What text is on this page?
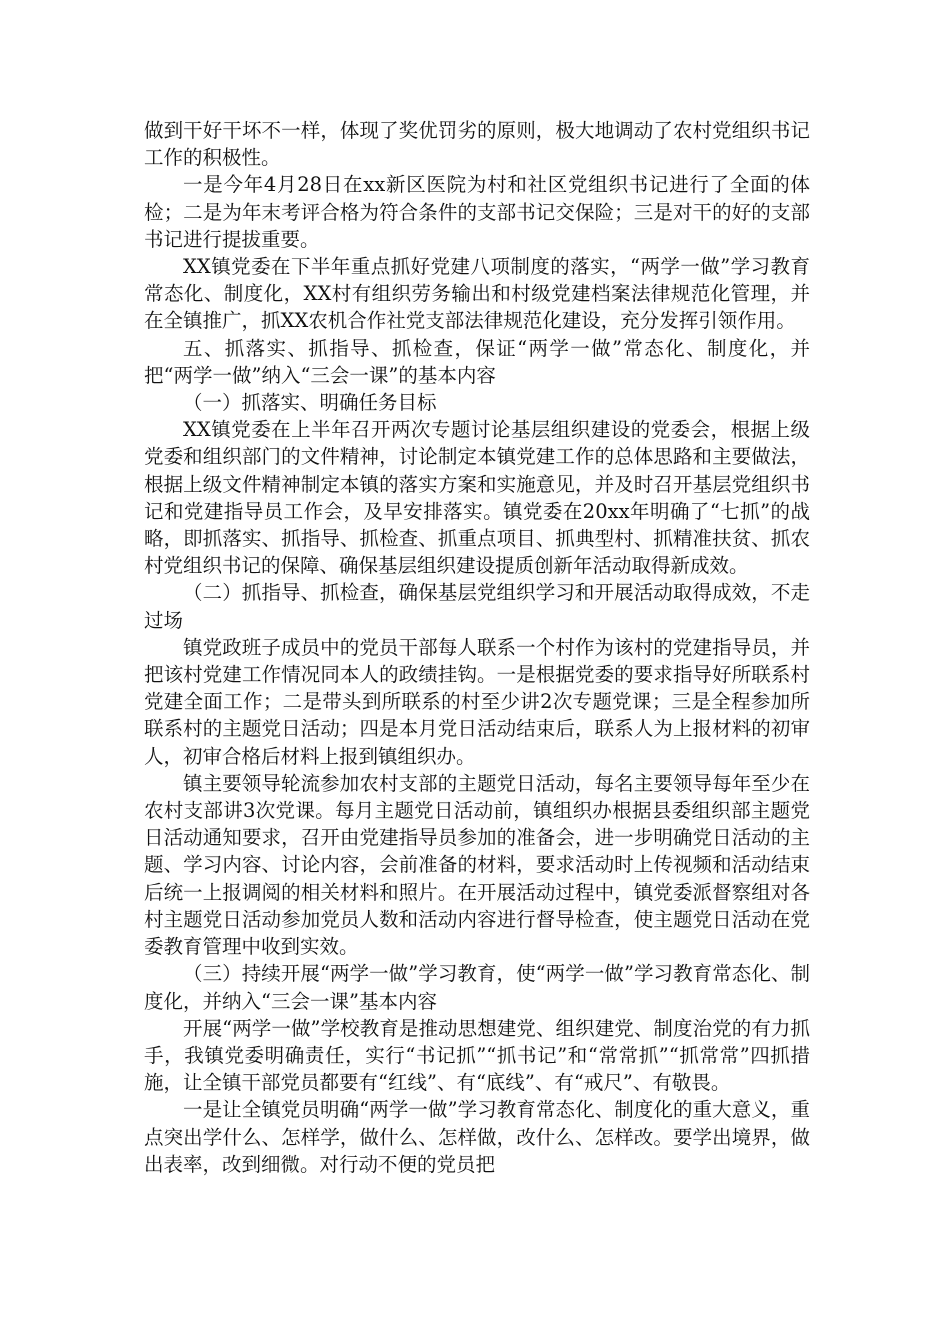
做到干好干坏不一样，体现了奖优罚劣的原则，极大地调动了农村党组织书记工作的积极性。

一是今年4月28日在xx新区医院为村和社区党组织书记进行了全面的体检；二是为年末考评合格为符合条件的支部书记交保险；三是对干的好的支部书记进行提拔重要。

XX镇党委在下半年重点抓好党建八项制度的落实，“两学一做”学习教育常态化、制度化，XX村有组织劳务输出和村级党建档案法律规范化管理，并在全镇推广，抓XX农机合作社党支部法律规范化建设，充分发挥引领作用。

五、抓落实、抓指导、抓检查，保证“两学一做”常态化、制度化，并把“两学一做”纳入“三会一课”的基本内容

（一）抓落实、明确任务目标

XX镇党委在上半年召开两次专题讨论基层组织建设的党委会，根据上级党委和组织部门的文件精神，讨论制定本镇党建工作的总体思路和主要做法，根据上级文件精神制定本镇的落实方案和实施意见，并及时召开基层党组织书记和党建指导员工作会，及早安排落实。镇党委在20xx年明确了“七抓”的战略，即抓落实、抓指导、抓检查、抓重点项目、抓典型村、抓精准扶贫、抓农村党组织书记的保障、确保基层组织建设提质创新年活动取得新成效。

（二）抓指导、抓检查，确保基层党组织学习和开展活动取得成效，不走过场

镇党政班子成员中的党员干部每人联系一个村作为该村的党建指导员，并把该村党建工作情况同本人的政绩挂钩。一是根据党委的要求指导好所联系村党建全面工作；二是带头到所联系的村至少讲2次专题党课；三是全程参加所联系村的主题党日活动；四是本月党日活动结束后，联系人为上报材料的初审人，初审合格后材料上报到镇组织办。

镇主要领导轮流参加农村支部的主题党日活动，每名主要领导每年至少在农村支部讲3次党课。每月主题党日活动前，镇组织办根据县委组织部主题党日活动通知要求，召开由党建指导员参加的准备会，进一步明确党日活动的主题、学习内容、讨论内容，会前准备的材料，要求活动时上传视频和活动结束后统一上报调阅的相关材料和照片。在开展活动过程中，镇党委派督察组对各村主题党日活动参加党员人数和活动内容进行督导检查，使主题党日活动在党委教育管理中收到实效。

（三）持续开展“两学一做”学习教育，使“两学一做”学习教育常态化、制度化，并纳入“三会一课”基本内容

开展“两学一做”学校教育是推动思想建党、组织建党、制度治党的有力抓手，我镇党委明确责任，实行“书记抓”“抓书记”和“常常抓”“抓常常”四抓措施，让全镇干部党员都要有“红线”、有“底线”、有“戒尺”、有敬畏。

一是让全镇党员明确“两学一做”学习教育常态化、制度化的重大意义，重点突出学什么、怎样学，做什么、怎样做，改什么、怎样改。要学出境界，做出表率，改到细微。对行动不便的党员把
